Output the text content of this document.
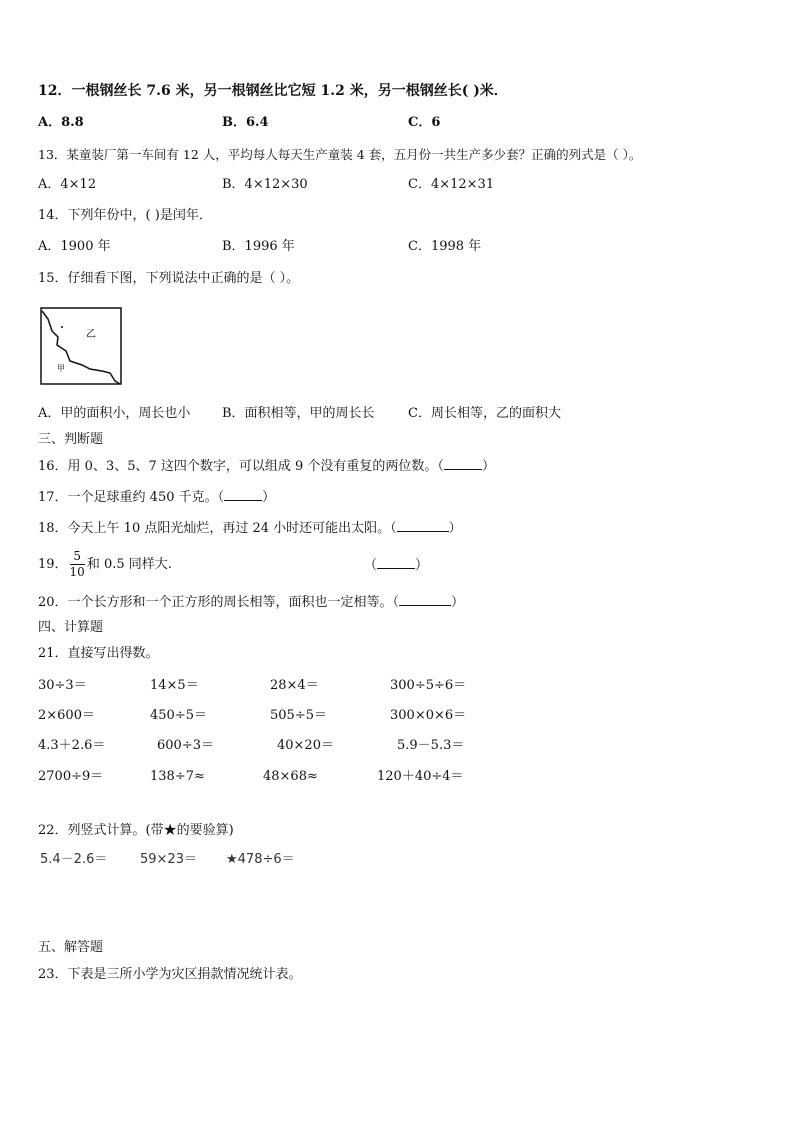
12．一根钢丝长 7.6 米，另一根钢丝比它短 1.2 米，另一根钢丝长( )米．
A．8.8	B．6.4	C．6
13．某童装厂第一车间有 12 人，平均每人每天生产童装 4 套，五月份一共生产多少套？正确的列式是（ ）。
A．4×12	B．4×12×30	C．4×12×31
14．下列年份中，( )是闰年．
A．1900 年	B．1996 年	C．1998 年
15．仔细看下图，下列说法中正确的是（ ）。
乙
甲
A．甲的面积小，周长也小 B．面积相等，甲的周长长	C．周长相等，乙的面积大
三、判断题
16．用 0、3、5、7 这四个数字，可以组成 9 个没有重复的两位数。（	）
17．一个足球重约 450 千克。（	）
18．今天上午 10 点阳光灿烂，再过 24 小时还可能出太阳。（	）
19． $\frac{5}{10}$ 和 0.5 同样大.	（	）
20．一个长方形和一个正方形的周长相等，面积也一定相等。（	）
四、计算题
21．直接写出得数。
30÷3＝	14×5＝	28×4＝	300÷5÷6＝
2×600＝	450÷5＝	505÷5＝	300×0×6＝
4.3＋2.6＝	600÷3＝	40×20＝	5.9－5.3＝
2700÷9＝	138÷7≈	48×68≈	120＋40÷4＝
22．列竖式计算。(带★的要验算)
5.4－2.6＝	59×23＝ ★478÷6＝
五、解答题
23．下表是三所小学为灾区捐款情况统计表。
